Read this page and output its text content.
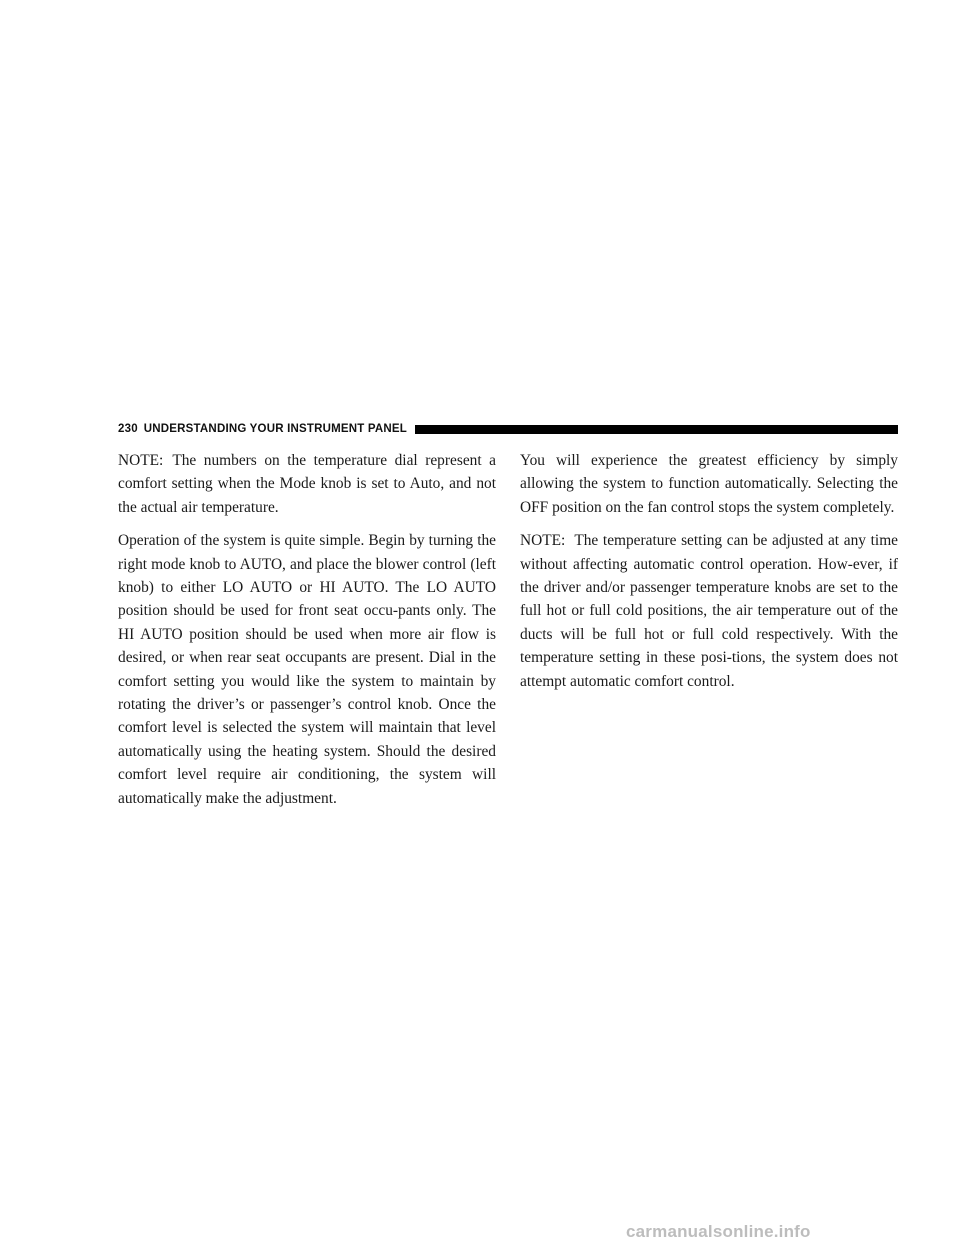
230 UNDERSTANDING YOUR INSTRUMENT PANEL

NOTE: The numbers on the temperature dial represent a comfort setting when the Mode knob is set to Auto, and not the actual air temperature.

Operation of the system is quite simple. Begin by turning the right mode knob to AUTO, and place the blower control (left knob) to either LO AUTO or HI AUTO. The LO AUTO position should be used for front seat occu-pants only. The HI AUTO position should be used when more air flow is desired, or when rear seat occupants are present. Dial in the comfort setting you would like the system to maintain by rotating the driver’s or passenger’s control knob. Once the comfort level is selected the system will maintain that level automatically using the heating system. Should the desired comfort level require air conditioning, the system will automatically make the adjustment.

You will experience the greatest efficiency by simply allowing the system to function automatically. Selecting the OFF position on the fan control stops the system completely.

NOTE: The temperature setting can be adjusted at any time without affecting automatic control operation. How-ever, if the driver and/or passenger temperature knobs are set to the full hot or full cold positions, the air temperature out of the ducts will be full hot or full cold respectively. With the temperature setting in these posi-tions, the system does not attempt automatic comfort control.

carmanualsonline.info
